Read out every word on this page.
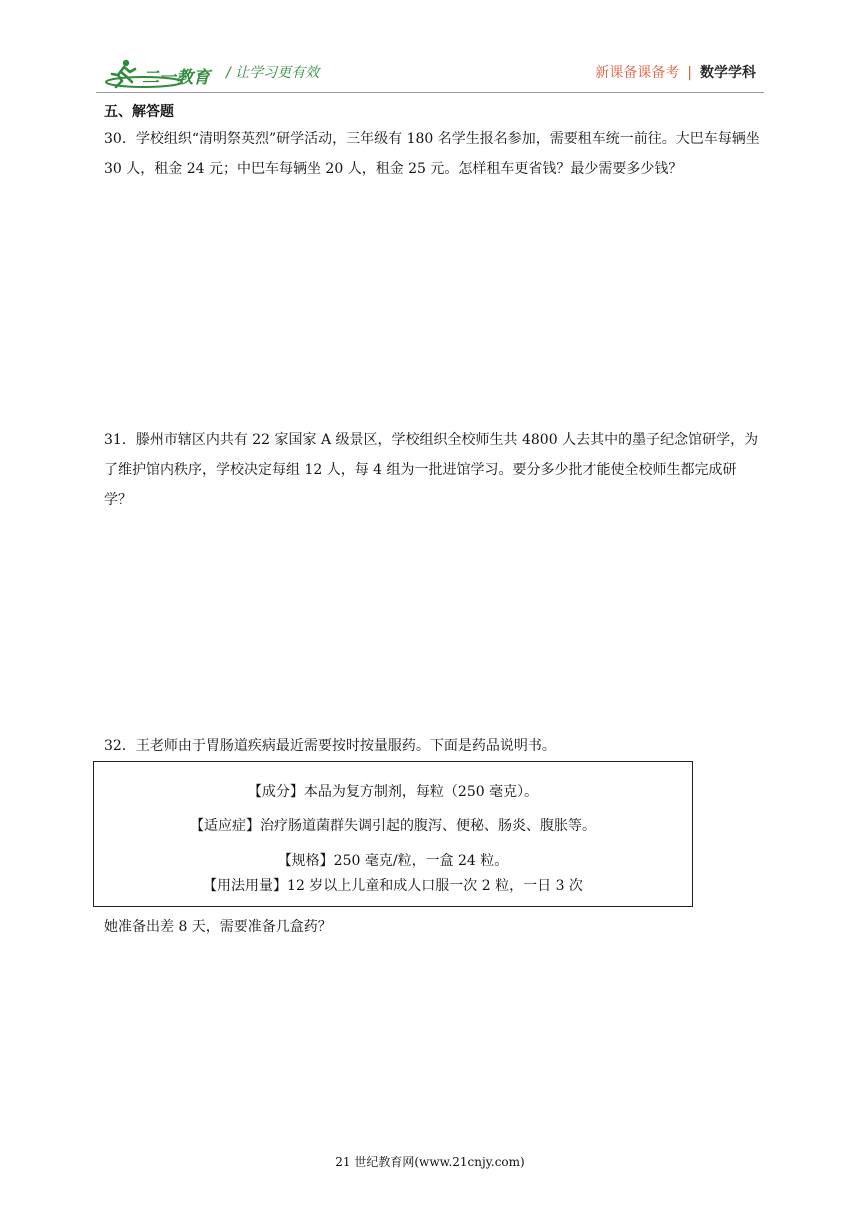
二一教育 / 让学习更有效	新课备课备考 | 数学学科
五、解答题
30．学校组织“清明祭英烈”研学活动，三年级有 180 名学生报名参加，需要租车统一前往。大巴车每辆坐 30 人，租金 24 元；中巴车每辆坐 20 人，租金 25 元。怎样租车更省钱？最少需要多少钱？
31．滕州市辖区内共有 22 家国家 A 级景区，学校组织全校师生共 4800 人去其中的墨子纪念馆研学，为了维护馆内秩序，学校决定每组 12 人，每 4 组为一批进馆学习。要分多少批才能使全校师生都完成研学？
32．王老师由于胃肠道疾病最近需要按时按量服药。下面是药品说明书。
【成分】本品为复方制剂，每粒（250 毫克）。
【适应症】治疗肠道菌群失调引起的腹泻、便秘、肠炎、腹胀等。
【规格】250 毫克/粒，一盒 24 粒。
【用法用量】12 岁以上儿童和成人口服一次 2 粒，一日 3 次
她准备出差 8 天，需要准备几盒药？
21 世纪教育网(www.21cnjy.com)
